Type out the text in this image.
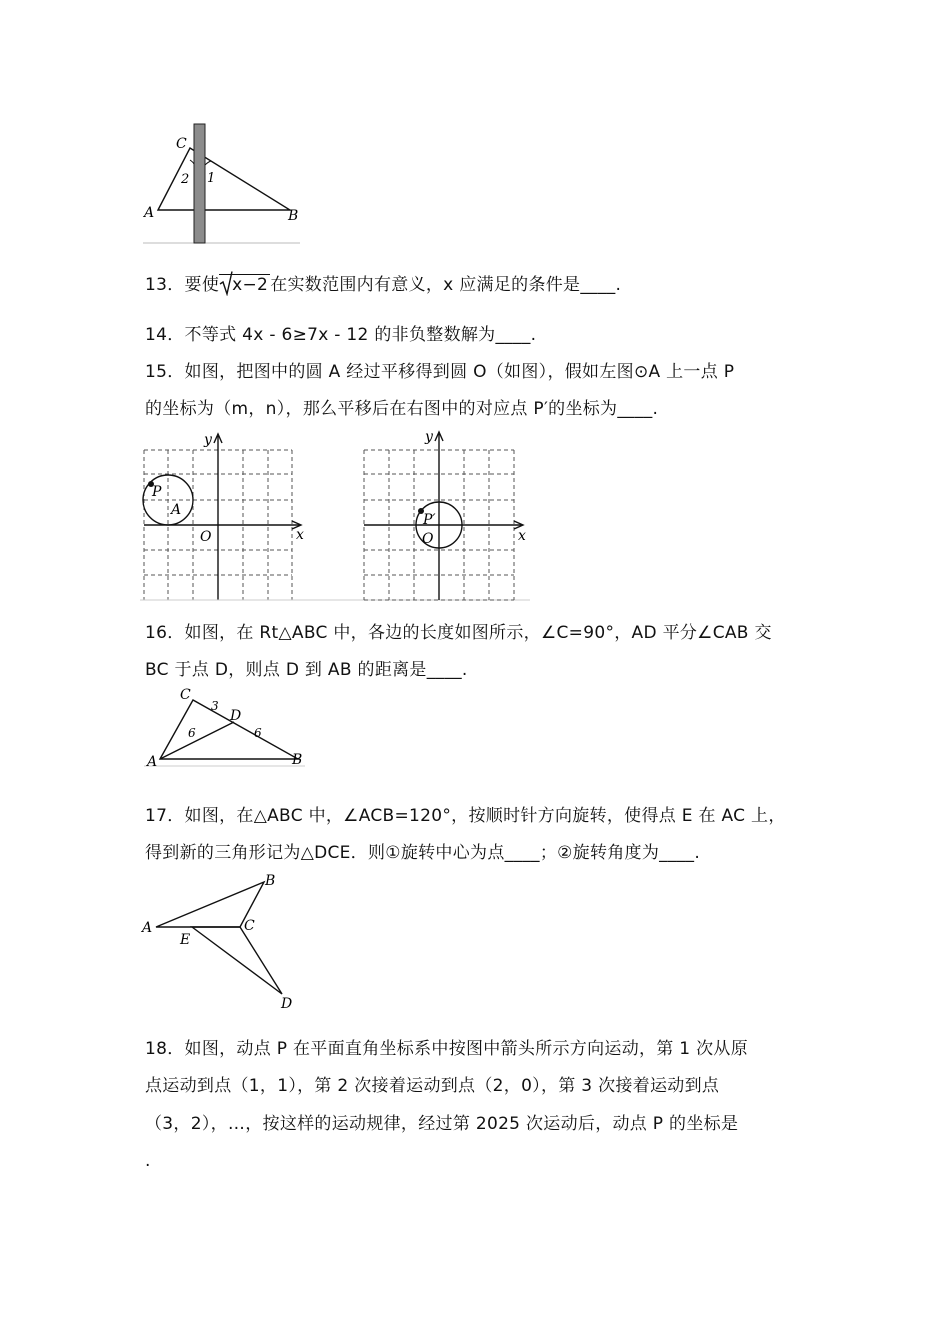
C
2 1
A	B
13．要使 x−2 在实数范围内有意义，x 应满足的条件是____.
14．不等式 4x ‑ 6≥7x ‑ 12 的非负整数解为____.
15．如图，把图中的圆 A 经过平移得到圆 O（如图），假如左图⊙A 上一点 P
的坐标为（m，n），那么平移后在右图中的对应点 P′的坐标为____.
y
x
O
P
A
y
x
O
P′
16．如图，在 Rt△ABC 中，各边的长度如图所示，∠C=90°，AD 平分∠CAB 交
BC 于点 D，则点 D 到 AB 的距离是____.
C
3
D
6	6
A	B
17．如图，在△ABC 中，∠ACB=120°，按顺时针方向旋转，使得点 E 在 AC 上，
得到新的三角形记为△DCE．则①旋转中心为点____；②旋转角度为____.
B
A	C
E
D
18．如图，动点 P 在平面直角坐标系中按图中箭头所示方向运动，第 1 次从原
点运动到点（1，1），第 2 次接着运动到点（2，0），第 3 次接着运动到点
（3，2），…，按这样的运动规律，经过第 2025 次运动后，动点 P 的坐标是
.
